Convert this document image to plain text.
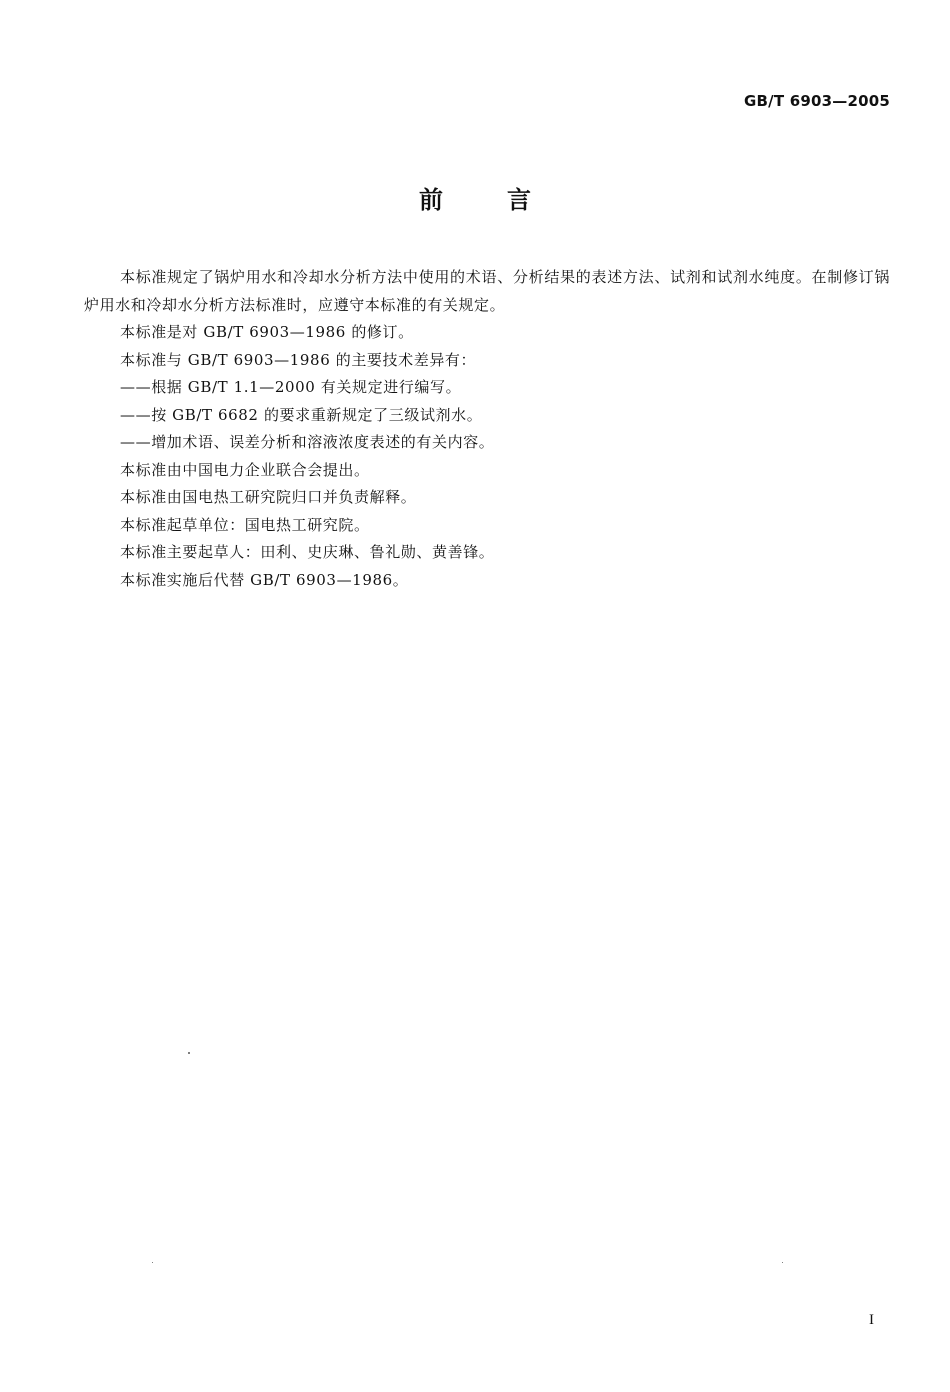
GB/T 6903—2005
前	言

本标准规定了锅炉用水和冷却水分析方法中使用的术语、分析结果的表述方法、试剂和试剂水纯度。在制修订锅炉用水和冷却水分析方法标准时，应遵守本标准的有关规定。

本标准是对 GB/T 6903—1986 的修订。

本标准与 GB/T 6903—1986 的主要技术差异有：

——根据 GB/T 1.1—2000 有关规定进行编写。

——按 GB/T 6682 的要求重新规定了三级试剂水。

——增加术语、误差分析和溶液浓度表述的有关内容。

本标准由中国电力企业联合会提出。

本标准由国电热工研究院归口并负责解释。

本标准起草单位：国电热工研究院。

本标准主要起草人：田利、史庆琳、鲁礼勋、黄善锋。

本标准实施后代替 GB/T 6903—1986。

I
